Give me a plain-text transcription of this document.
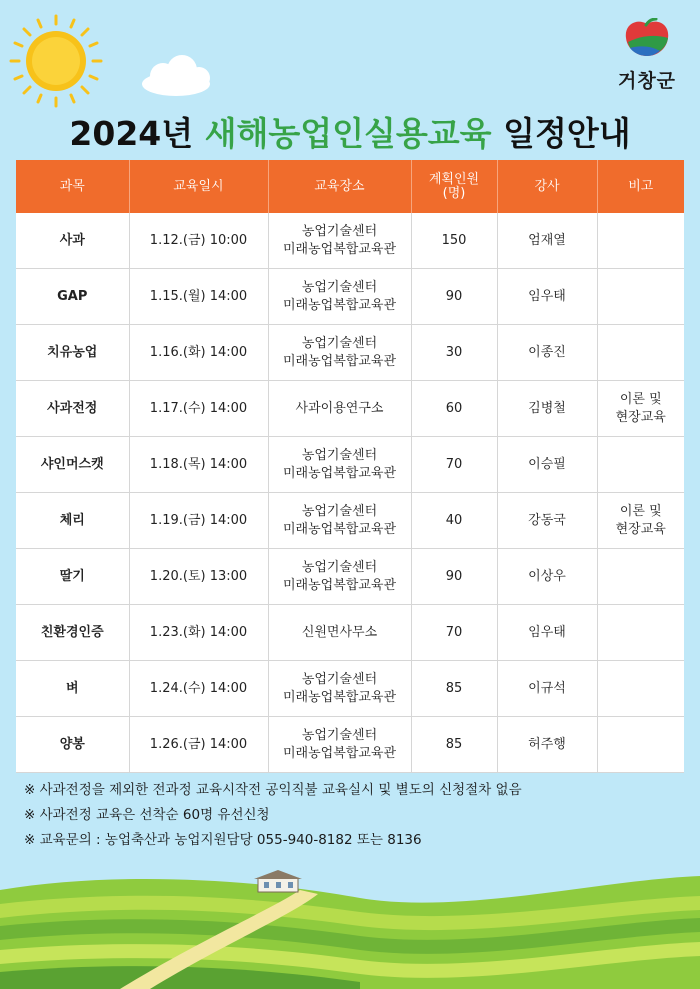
거창군
2024년 새해농업인실용교육 일정안내
과목	교육일시	교육장소	계획인원
(명)	강사	비고
사과	1.12.(금) 10:00	농업기술센터
미래농업복합교육관	150	엄재열	

GAP	1.15.(월) 14:00	농업기술센터
미래농업복합교육관	90	임우태	

치유농업	1.16.(화) 14:00	농업기술센터
미래농업복합교육관	30	이종진	

사과전정	1.17.(수) 14:00	사과이용연구소	60	김병철	이론 및
현장교육

샤인머스캣	1.18.(목) 14:00	농업기술센터
미래농업복합교육관	70	이승필	

체리	1.19.(금) 14:00	농업기술센터
미래농업복합교육관	40	강동국	이론 및
현장교육

딸기	1.20.(토) 13:00	농업기술센터
미래농업복합교육관	90	이상우	

친환경인증	1.23.(화) 14:00	신원면사무소	70	임우태	

벼	1.24.(수) 14:00	농업기술센터
미래농업복합교육관	85	이규석	

양봉	1.26.(금) 14:00	농업기술센터
미래농업복합교육관	85	허주행	
※ 사과전정을 제외한 전과정 교육시작전 공익직불 교육실시 및 별도의 신청절차 없음
※ 사과전정 교육은 선착순 60명 유선신청
※ 교육문의 : 농업축산과 농업지원담당 055-940-8182 또는 8136
